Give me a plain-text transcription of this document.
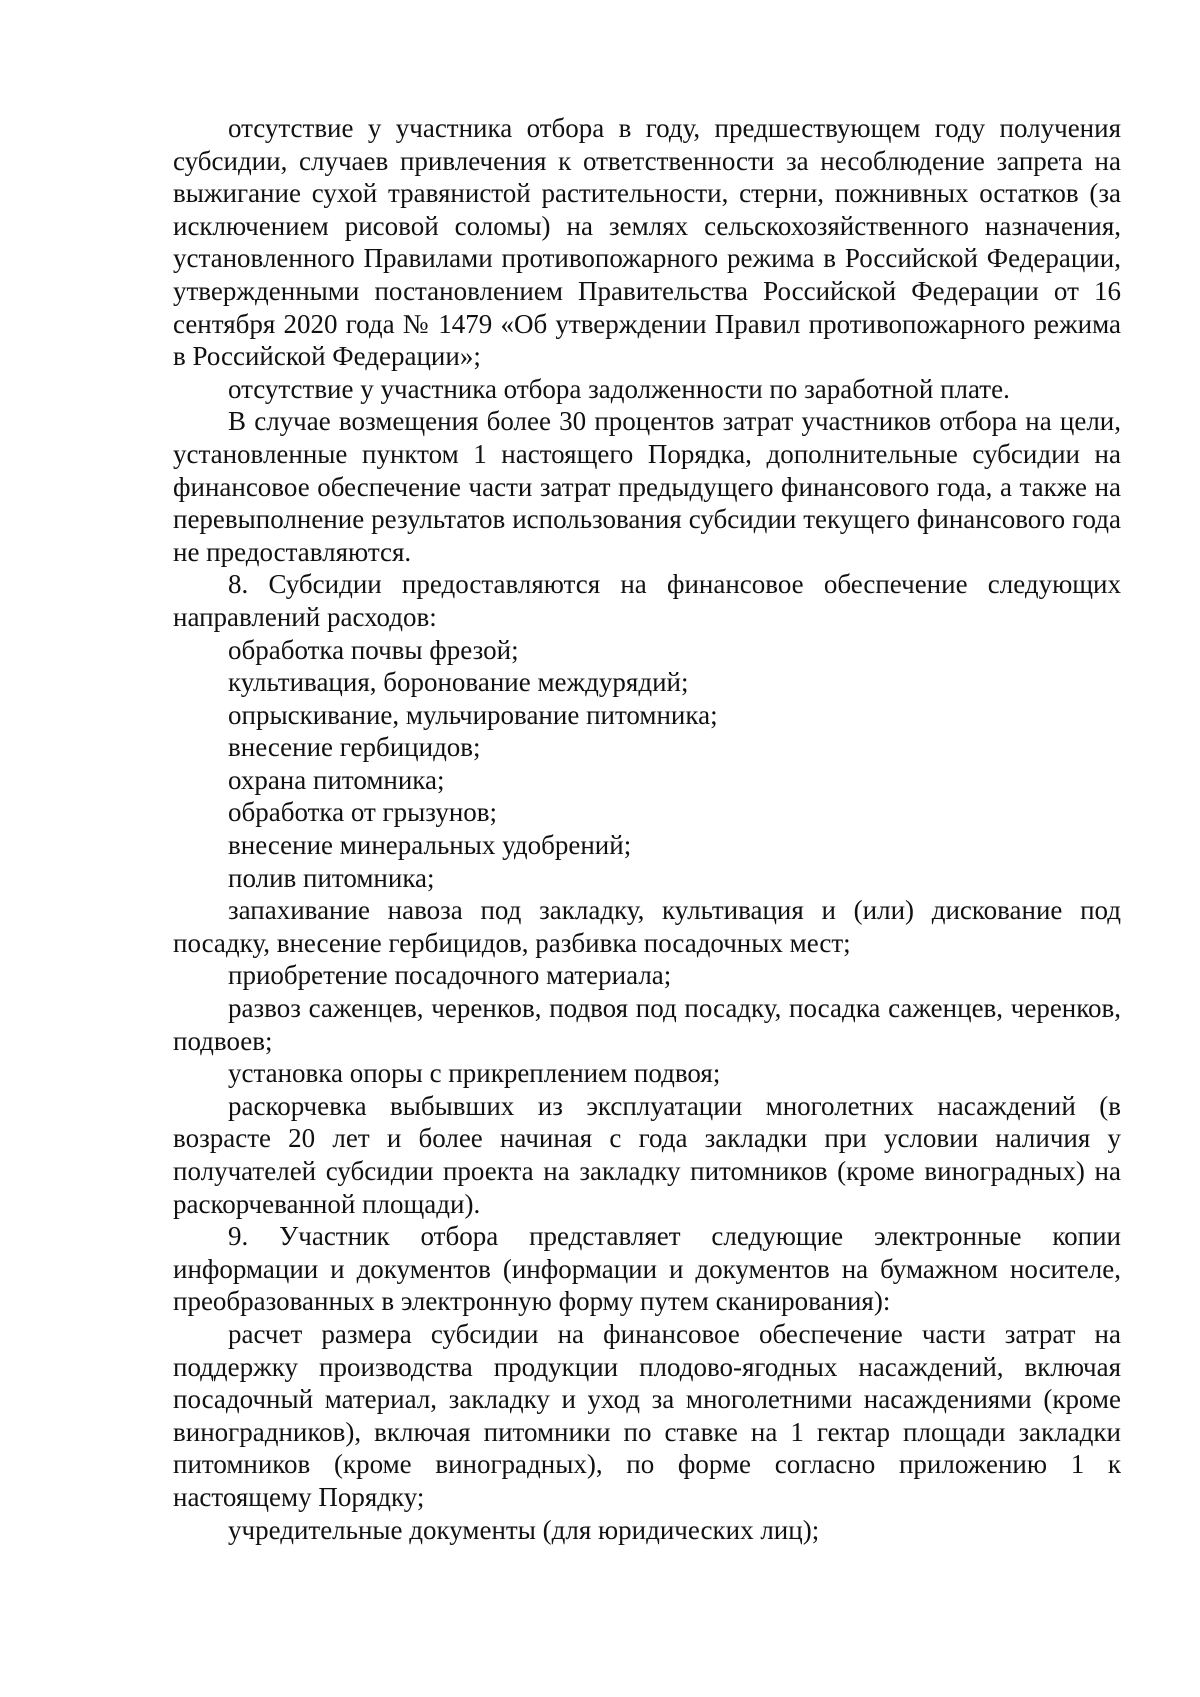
отсутствие у участника отбора в году, предшествующем году получения субсидии, случаев привлечения к ответственности за несоблюдение запрета на выжигание сухой травянистой растительности, стерни, пожнивных остатков (за исключением рисовой соломы) на землях сельскохозяйственного назначения, установленного Правилами противопожарного режима в Российской Федерации, утвержденными постановлением Правительства Российской Федерации от 16 сентября 2020 года № 1479 «Об утверждении Правил противопожарного режима в Российской Федерации»;

отсутствие у участника отбора задолженности по заработной плате.

В случае возмещения более 30 процентов затрат участников отбора на цели, установленные пунктом 1 настоящего Порядка, дополнительные субсидии на финансовое обеспечение части затрат предыдущего финансового года, а также на перевыполнение результатов использования субсидии текущего финансового года не предоставляются.

8. Субсидии предоставляются на финансовое обеспечение следующих направлений расходов:

обработка почвы фрезой;

культивация, боронование междурядий;

опрыскивание, мульчирование питомника;

внесение гербицидов;

охрана питомника;

обработка от грызунов;

внесение минеральных удобрений;

полив питомника;

запахивание навоза под закладку, культивация и (или) дискование под посадку, внесение гербицидов, разбивка посадочных мест;

приобретение посадочного материала;

развоз саженцев, черенков, подвоя под посадку, посадка саженцев, черенков, подвоев;

установка опоры с прикреплением подвоя;

раскорчевка выбывших из эксплуатации многолетних насаждений (в возрасте 20 лет и более начиная с года закладки при условии наличия у получателей субсидии проекта на закладку питомников (кроме виноградных) на раскорчеванной площади).

9. Участник отбора представляет следующие электронные копии информации и документов (информации и документов на бумажном носителе, преобразованных в электронную форму путем сканирования):

расчет размера субсидии на финансовое обеспечение части затрат на поддержку производства продукции плодово-ягодных насаждений, включая посадочный материал, закладку и уход за многолетними насаждениями (кроме виноградников), включая питомники по ставке на 1 гектар площади закладки питомников (кроме виноградных), по форме согласно приложению 1 к настоящему Порядку;

учредительные документы (для юридических лиц);
